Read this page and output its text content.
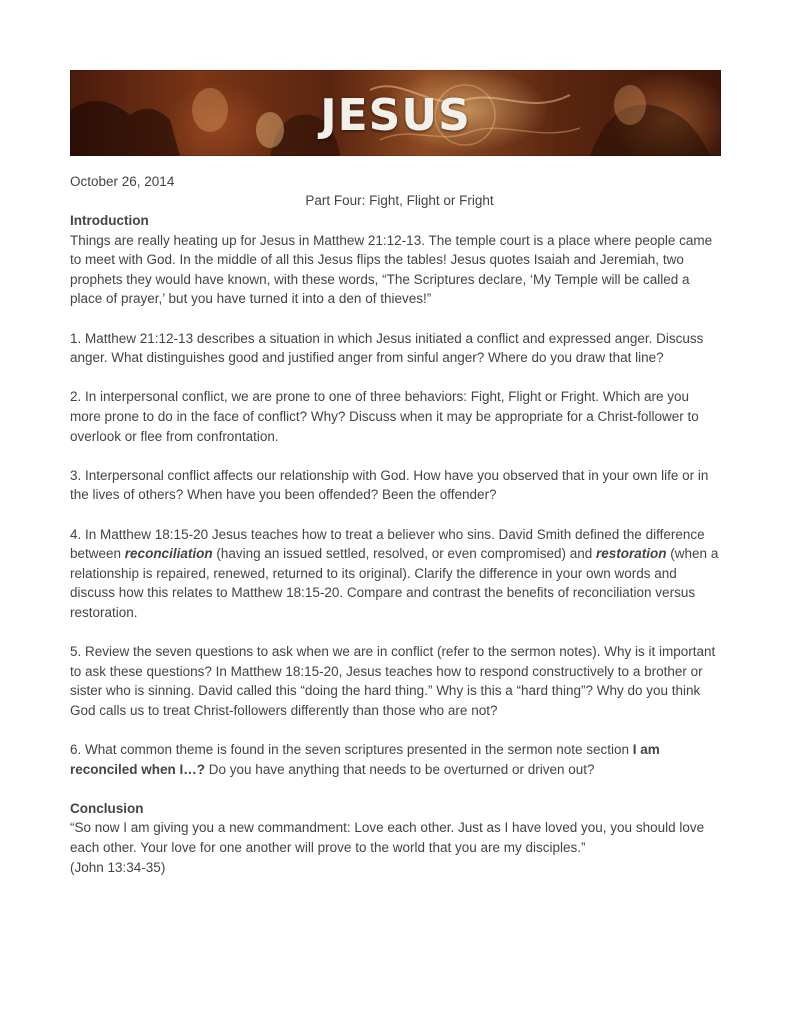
JESUS
October 26, 2014
Part Four: Fight, Flight or Fright

Introduction

Things are really heating up for Jesus in Matthew 21:12-13. The temple court is a place where people came to meet with God. In the middle of all this Jesus flips the tables! Jesus quotes Isaiah and Jeremiah, two prophets they would have known, with these words, “The Scriptures declare, ‘My Temple will be called a place of prayer,’ but you have turned it into a den of thieves!”

1. Matthew 21:12-13 describes a situation in which Jesus initiated a conflict and expressed anger. Discuss anger. What distinguishes good and justified anger from sinful anger? Where do you draw that line?

2. In interpersonal conflict, we are prone to one of three behaviors: Fight, Flight or Fright. Which are you more prone to do in the face of conflict? Why? Discuss when it may be appropriate for a Christ-follower to overlook or flee from confrontation.

3. Interpersonal conflict affects our relationship with God. How have you observed that in your own life or in the lives of others? When have you been offended? Been the offender?

4. In Matthew 18:15-20 Jesus teaches how to treat a believer who sins. David Smith defined the difference between reconciliation (having an issued settled, resolved, or even compromised) and restoration (when a relationship is repaired, renewed, returned to its original). Clarify the difference in your own words and discuss how this relates to Matthew 18:15-20. Compare and contrast the benefits of reconciliation versus restoration.

5. Review the seven questions to ask when we are in conflict (refer to the sermon notes). Why is it important to ask these questions? In Matthew 18:15-20, Jesus teaches how to respond constructively to a brother or sister who is sinning. David called this “doing the hard thing.” Why is this a “hard thing”? Why do you think God calls us to treat Christ-followers differently than those who are not?

6. What common theme is found in the seven scriptures presented in the sermon note section I am reconciled when I…? Do you have anything that needs to be overturned or driven out?

Conclusion

“So now I am giving you a new commandment: Love each other. Just as I have loved you, you should love each other. Your love for one another will prove to the world that you are my disciples.”

(John 13:34-35)
